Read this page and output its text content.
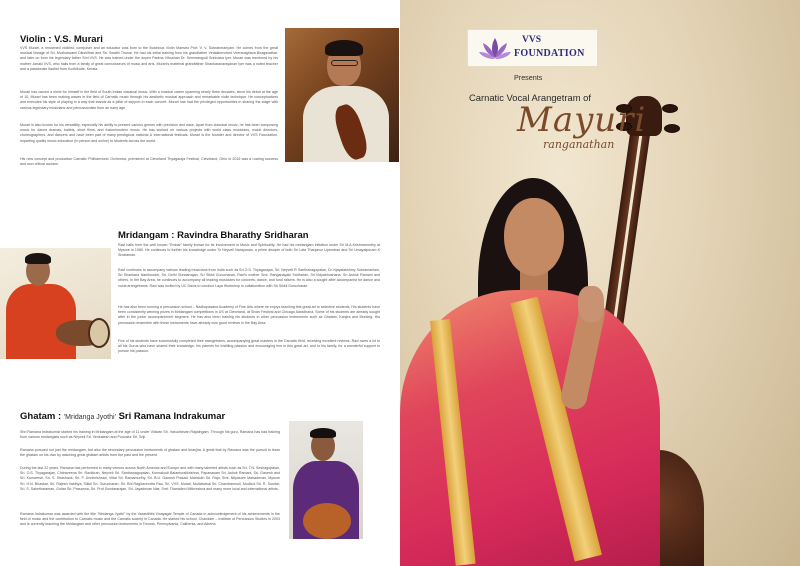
Violin : V.S. Murari

VVS Murari, a renowned violinist, composer and an educator was born to the illustrious Violin Maestro Prof. V. V. Subrahmanyam. He comes from the great musical lineage of Sri. Muthuswami Dikshithar and Sri. Swathi Tirunal. He had his initial training from his grandfather Vedakkencheri Veeraraghava Bhagavathar, and later on from his legendary father Shri.VVS. He was trained under the doyen Padma Vibushan Dr. Semmangudi Srinivasa Iyer. Murari was mentored by his mother Janaki VVS, who hails from a family of great connoisseurs of music and arts. Murari's maternal grandfather Shankaranarayanan Iyer was a noted teacher and a passionate flautist from Kozhikode, Kerala.

Murari has carved a niche for himself in the field of South Indian classical music. With a musical career spanning nearly three decades, since his debut at the age of 10, Murari has been making waves in the field of Carnatic music through his aesthetic musical approach and remarkable violin technique. He conceptualizes and executes his style of playing in a way that stands as a pillar of support in each concert. Murari has had the privileged opportunities in sharing the stage with various legendary musicians and percussionists from an early age.

Murari is also known for his versatility, especially his ability to present various genres with precision and ease. Apart from classical music, he has been composing music for dance dramas, ballets, short films, and fusion/modern music. He has worked on various projects with world class musicians, music directors, choreographers, and dancers and have been part of many prestigious national & international festivals. Murari is the founder and director of VVS Foundation, imparting quality music education (In person and online) to students across the world.

His new concept and production Carnatic Philharmonic Orchestra, premiered at Cleveland Thyagaraja Festival, Cleveland, Ohio in 2015 was a roaring success and won critical acclaim.

Mridangam : Ravindra Bharathy Sridharan

Ravi hails from the well known "Embar" family known for its involvement in Music and Spirituality. He had his mridangam initiation under Sri M.A.Krishnamurthy at Mysore in 1980. He continues to further his knowledge under Sr Neyveli Narayanan, a prime disciple of both Sri Late Thanjavur Upendran and Sri Umayalpuram K Sivaraman.

Ravi continues to accompany various leading musicians from India such as Sri O.S. Thyagarajan, Sri. Neyveli R Santhanagopalan, Dr.Vijayalakshmy Subramaniam, Sri Shankara Namboodiri, Sri. Delhi Sundarrajan, Sri Sikkil Gurucharan, Ravi's mother Smt. Ranganayaki Sridharan, Sri.Vidyabhushana, Sri Ashok Ramani and others. In the Bay Area, he continues to accompany all leading musicians for concerts, dance, and fund raisers. He is also a sought after accompanist for dance and vocal arangetrams. Ravi was invited by UC Davis to conduct Laya Workshop in collaboration with Sri Sikkil Gurucharan.

He has also been running a percussion school – Nadhopasana Academy of Fine Arts where he enjoys teaching this great art to selective students. His students have been consistently winning prizes in Mridangam competitions in US at Cleveland, at Sivan Festival and Chicago Aaradhana. Some of his students are already sought after in the junior accompaniment segment. He has also been training his students in other percussion instruments such as Ghatam, Kanjira and Morsing. His percussion ensemble with these instruments have already won good reviews in the Bay Area.

Five of his students have successfully completed their arangetrams, accompanying great masters in the Carnatic field, receiving excellent reviews. Ravi owes a lot to all his Gurus who have shared their knowledge, his parents for instilling passion and encouraging him in this great art, and to his family, for a wonderful support to pursue his passion.

Ghatam : 'Mridanga Jyothi' Sri Ramana Indrakumar

Shri Ramana Indrakumar started his training in Mridangam at the age of 11 under Vidwan Sri. Vasudhevan Rajalingam. Through his guru, Ramana has had training from various mridangists such as Neyveli Sri. Venkatesh and Poovalur Sri. Sriji.

Ramana pursued not just the mridangam, but also the secondary percussion instruments of ghatam and khanjira. A great feat by Ramana was the pursuit to learn the ghatam on his own by watching great ghatam artists from the past and the present.

During the last 22 years, Ramana has performed in many venues across North America and Europe and with many talented artists such as Sri. T.N. Seshagopalan, Sri. O.S. Thyagarajan, Chitraveena Sri. Ravikiran, Neyveli Sri. Santhanagopalan, Kunnakudi Balamuralikrishna, Papanasam Sri. Ashok Ramani, Sri. Ganesh and Sri. Kumaresh, Sri. S. Shashank, Sri. P. Unnikrishnan, Vittal Sri. Ramamurthy, Sri. B.U. Ganesh Prasad, Mandolin Sri. Raju, Smt. Nityasree Mahadevan, Mysore Sri. H.N. Bhaskar, Sri. Rajesh Vaidhya, Sikkil Sri. Gurucharan, Sri. Bhi Raghavendra Rao, Sri. VVS. Murari, Mullaivasal Sri. Chandramouli, Mudicol Sri. R. Sundar, Sri. S. Saketharaman, Guitar Sri. Prasanna, Sri. Prof Sundararajan, Sri. Jayadevan Nair, Smt. Thanadevi Mithreshna and many more local and international artists.

Ramana Indrakumar was awarded with the title "Mridanga Jyothi" by the Varasiththi Vinayagar Temple of Canada in acknowledgement of his achievements in the field of music and the contribution to Carnatic music and the Carnatic society in Canada. He started his school, Chandam – Institute of Percussion Studies in 2003 and is currently teaching the Mridangam and other percussion instruments in Toronto, Pennsylvania, California, and Alberta.

VVS
FOUNDATION
Presents
Carnatic Vocal Arangetram of
Mayuri
ranganathan
